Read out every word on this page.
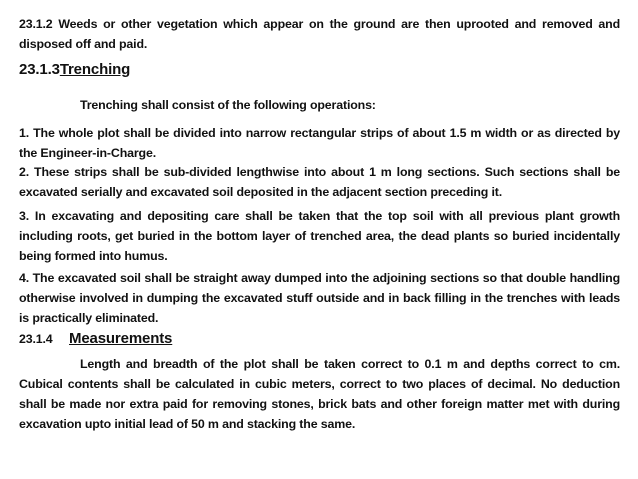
23.1.2 Weeds or other vegetation which appear on the ground are then uprooted and removed and disposed off and paid.

23.1.3Trenching

Trenching shall consist of the following operations:

1. The whole plot shall be divided into narrow rectangular strips of about 1.5 m width or as directed by the Engineer-in-Charge.

2. These strips shall be sub-divided lengthwise into about 1 m long sections. Such sections shall be excavated serially and excavated soil deposited in the adjacent section preceding it.

3. In excavating and depositing care shall be taken that the top soil with all previous plant growth including roots, get buried in the bottom layer of trenched area, the dead plants so buried incidentally being formed into humus.

4. The excavated soil shall be straight away dumped into the adjoining sections so that double handling otherwise involved in dumping the excavated stuff outside and in back filling in the trenches with leads is practically eliminated.

23.1.4 Measurements

Length and breadth of the plot shall be taken correct to 0.1 m and depths correct to cm. Cubical contents shall be calculated in cubic meters, correct to two places of decimal. No deduction shall be made nor extra paid for removing stones, brick bats and other foreign matter met with during excavation upto initial lead of 50 m and stacking the same.
